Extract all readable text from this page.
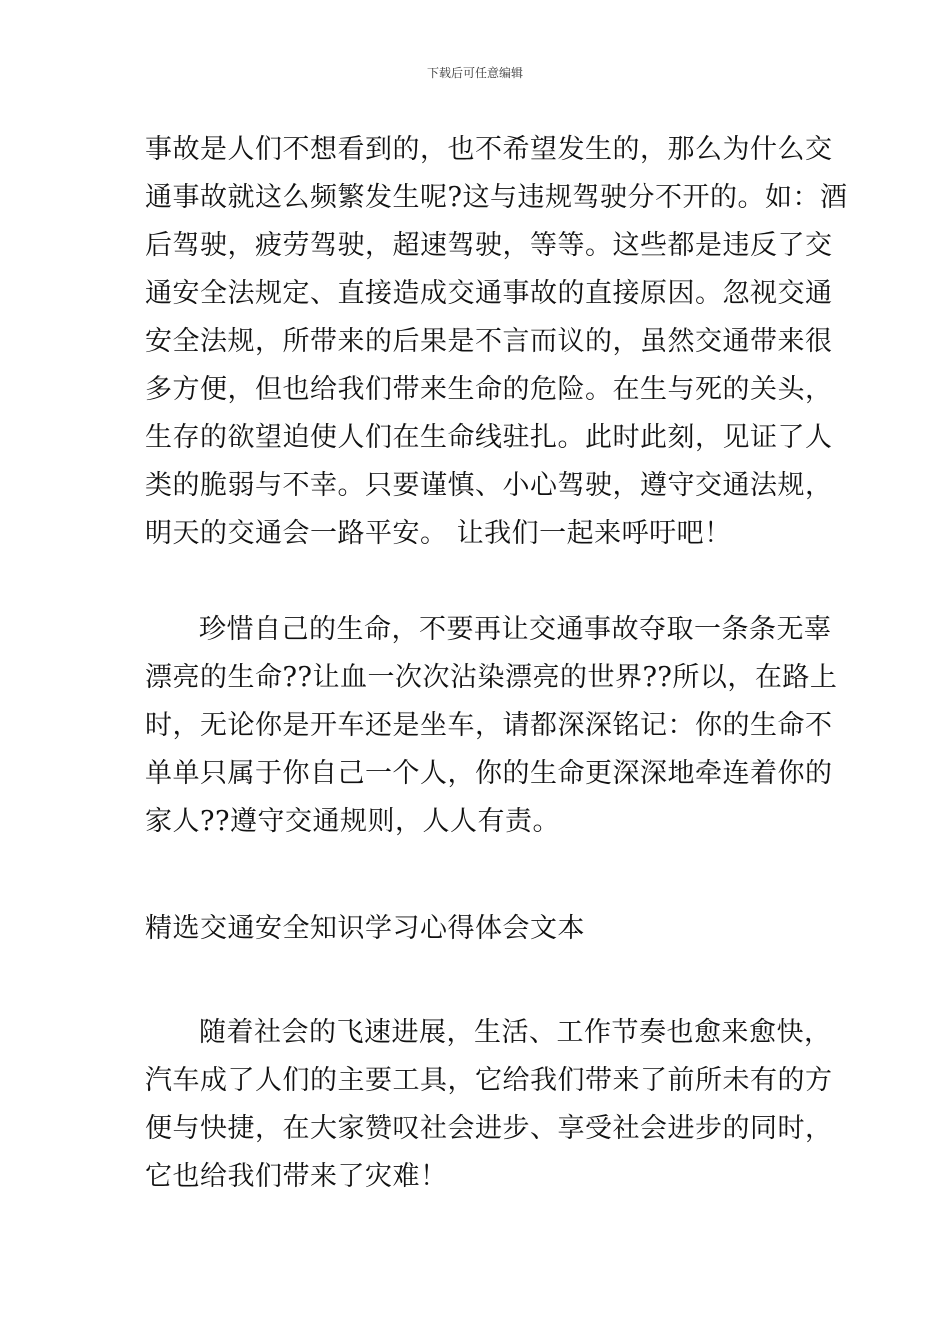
下载后可任意编辑
事故是人们不想看到的，也不希望发生的，那么为什么交
通事故就这么频繁发生呢?这与违规驾驶分不开的。如：酒
后驾驶，疲劳驾驶，超速驾驶，等等。这些都是违反了交
通安全法规定、直接造成交通事故的直接原因。忽视交通
安全法规，所带来的后果是不言而议的，虽然交通带来很
多方便，但也给我们带来生命的危险。在生与死的关头，
生存的欲望迫使人们在生命线驻扎。此时此刻，见证了人
类的脆弱与不幸。只要谨慎、小心驾驶，遵守交通法规，
明天的交通会一路平安。 让我们一起来呼吁吧！
珍惜自己的生命，不要再让交通事故夺取一条条无辜
漂亮的生命??让血一次次沾染漂亮的世界??所以，在路上
时，无论你是开车还是坐车，请都深深铭记：你的生命不
单单只属于你自己一个人，你的生命更深深地牵连着你的
家人??遵守交通规则，人人有责。
精选交通安全知识学习心得体会文本
随着社会的飞速进展，生活、工作节奏也愈来愈快，
汽车成了人们的主要工具，它给我们带来了前所未有的方
便与快捷，在大家赞叹社会进步、享受社会进步的同时，
它也给我们带来了灾难！
